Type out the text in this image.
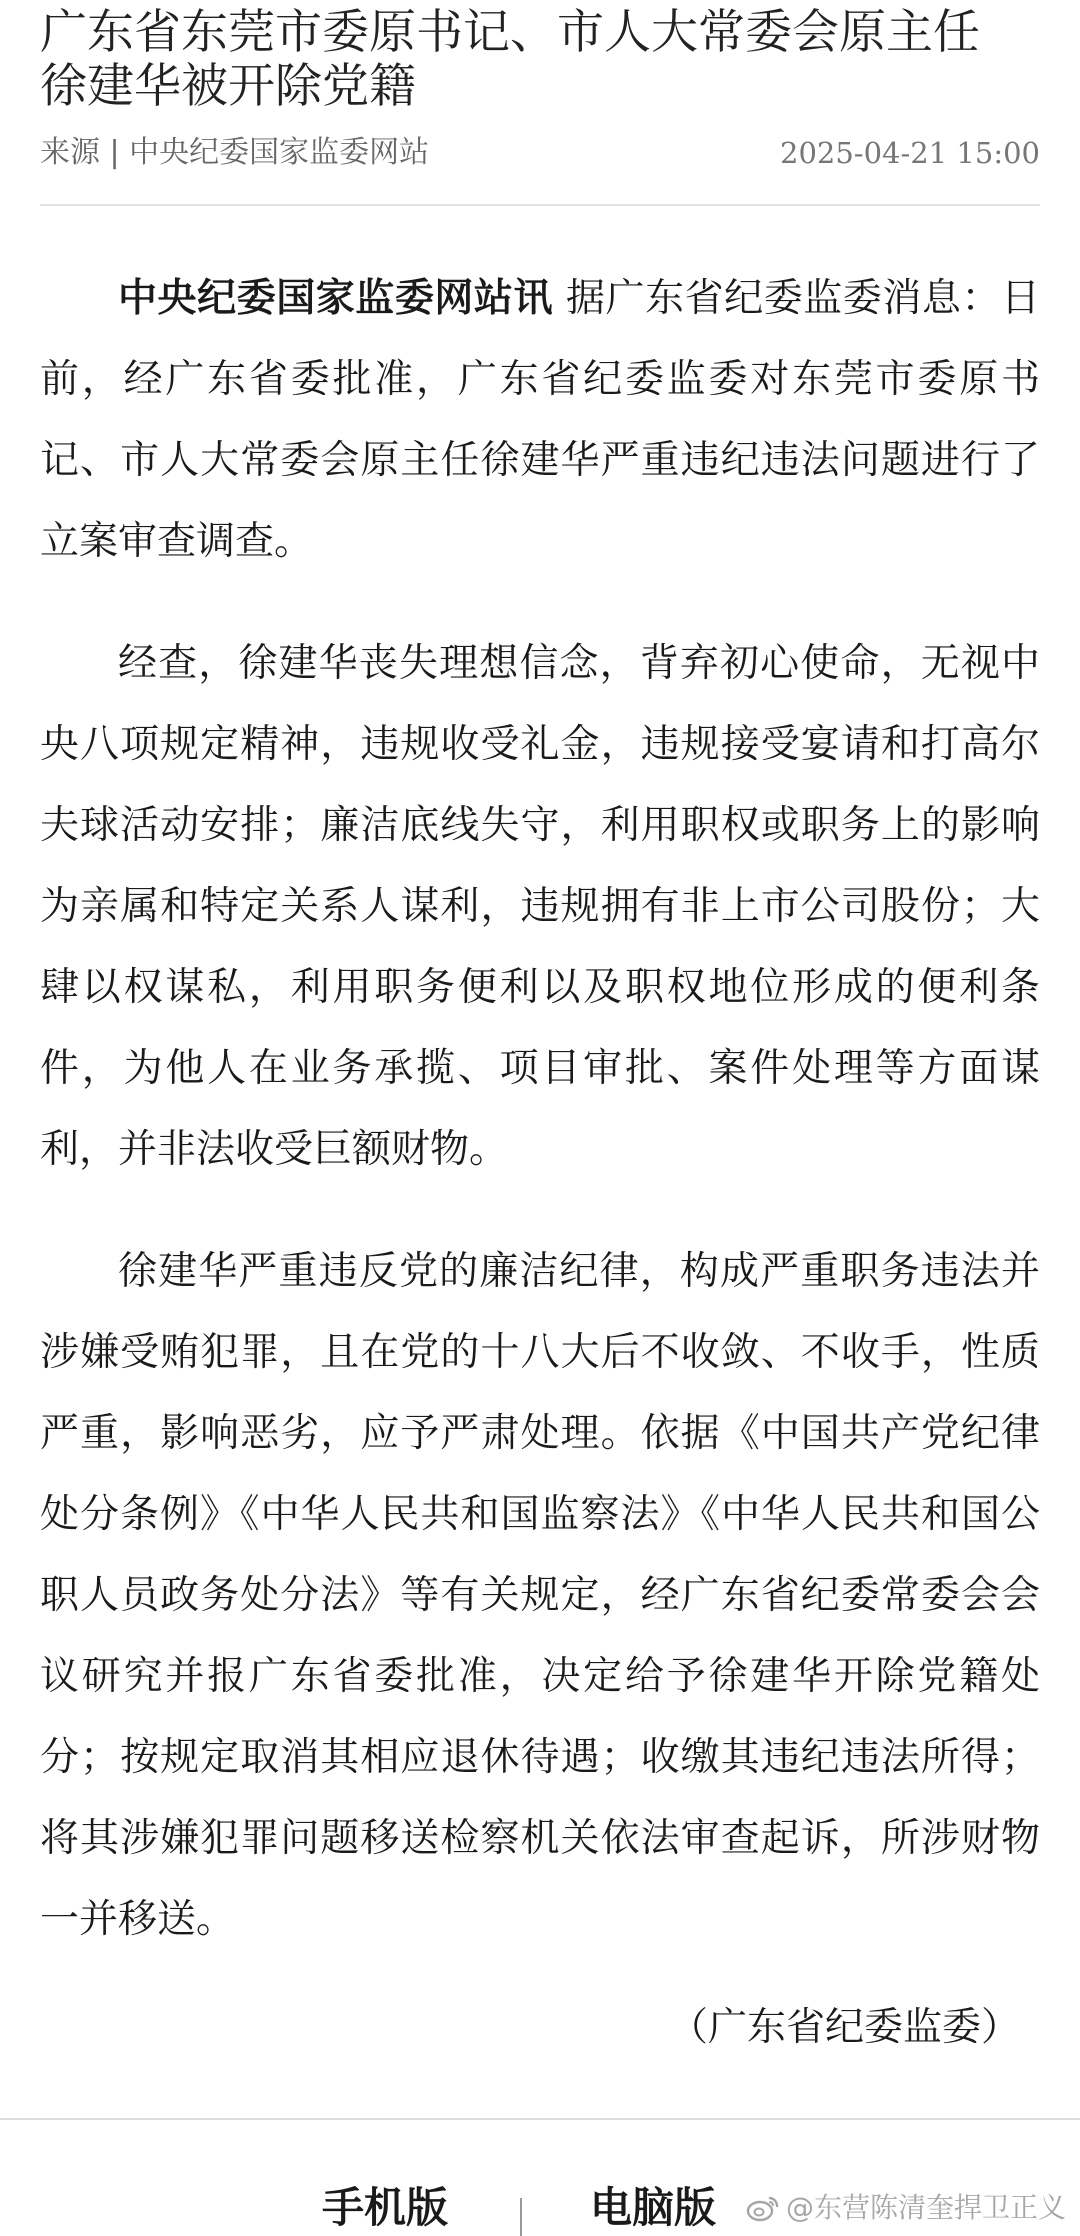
广东省东莞市委原书记、市人大常委会原主任
徐建华被开除党籍
来源 | 中央纪委国家监委网站	2025-04-21 15:00

中央纪委国家监委网站讯 据广东省纪委监委消息：日前，经广东省委批准，广东省纪委监委对东莞市委原书记、市人大常委会原主任徐建华严重违纪违法问题进行了立案审查调查。

经查，徐建华丧失理想信念，背弃初心使命，无视中央八项规定精神，违规收受礼金，违规接受宴请和打高尔夫球活动安排；廉洁底线失守，利用职权或职务上的影响为亲属和特定关系人谋利，违规拥有非上市公司股份；大肆以权谋私，利用职务便利以及职权地位形成的便利条件，为他人在业务承揽、项目审批、案件处理等方面谋利，并非法收受巨额财物。

徐建华严重违反党的廉洁纪律，构成严重职务违法并涉嫌受贿犯罪，且在党的十八大后不收敛、不收手，性质严重，影响恶劣，应予严肃处理。依据《中国共产党纪律处分条例》《中华人民共和国监察法》《中华人民共和国公职人员政务处分法》等有关规定，经广东省纪委常委会会议研究并报广东省委批准，决定给予徐建华开除党籍处分；按规定取消其相应退休待遇；收缴其违纪违法所得；将其涉嫌犯罪问题移送检察机关依法审查起诉，所涉财物一并移送。

（广东省纪委监委）
手机版	电脑版 @东营陈清奎捍卫正义
